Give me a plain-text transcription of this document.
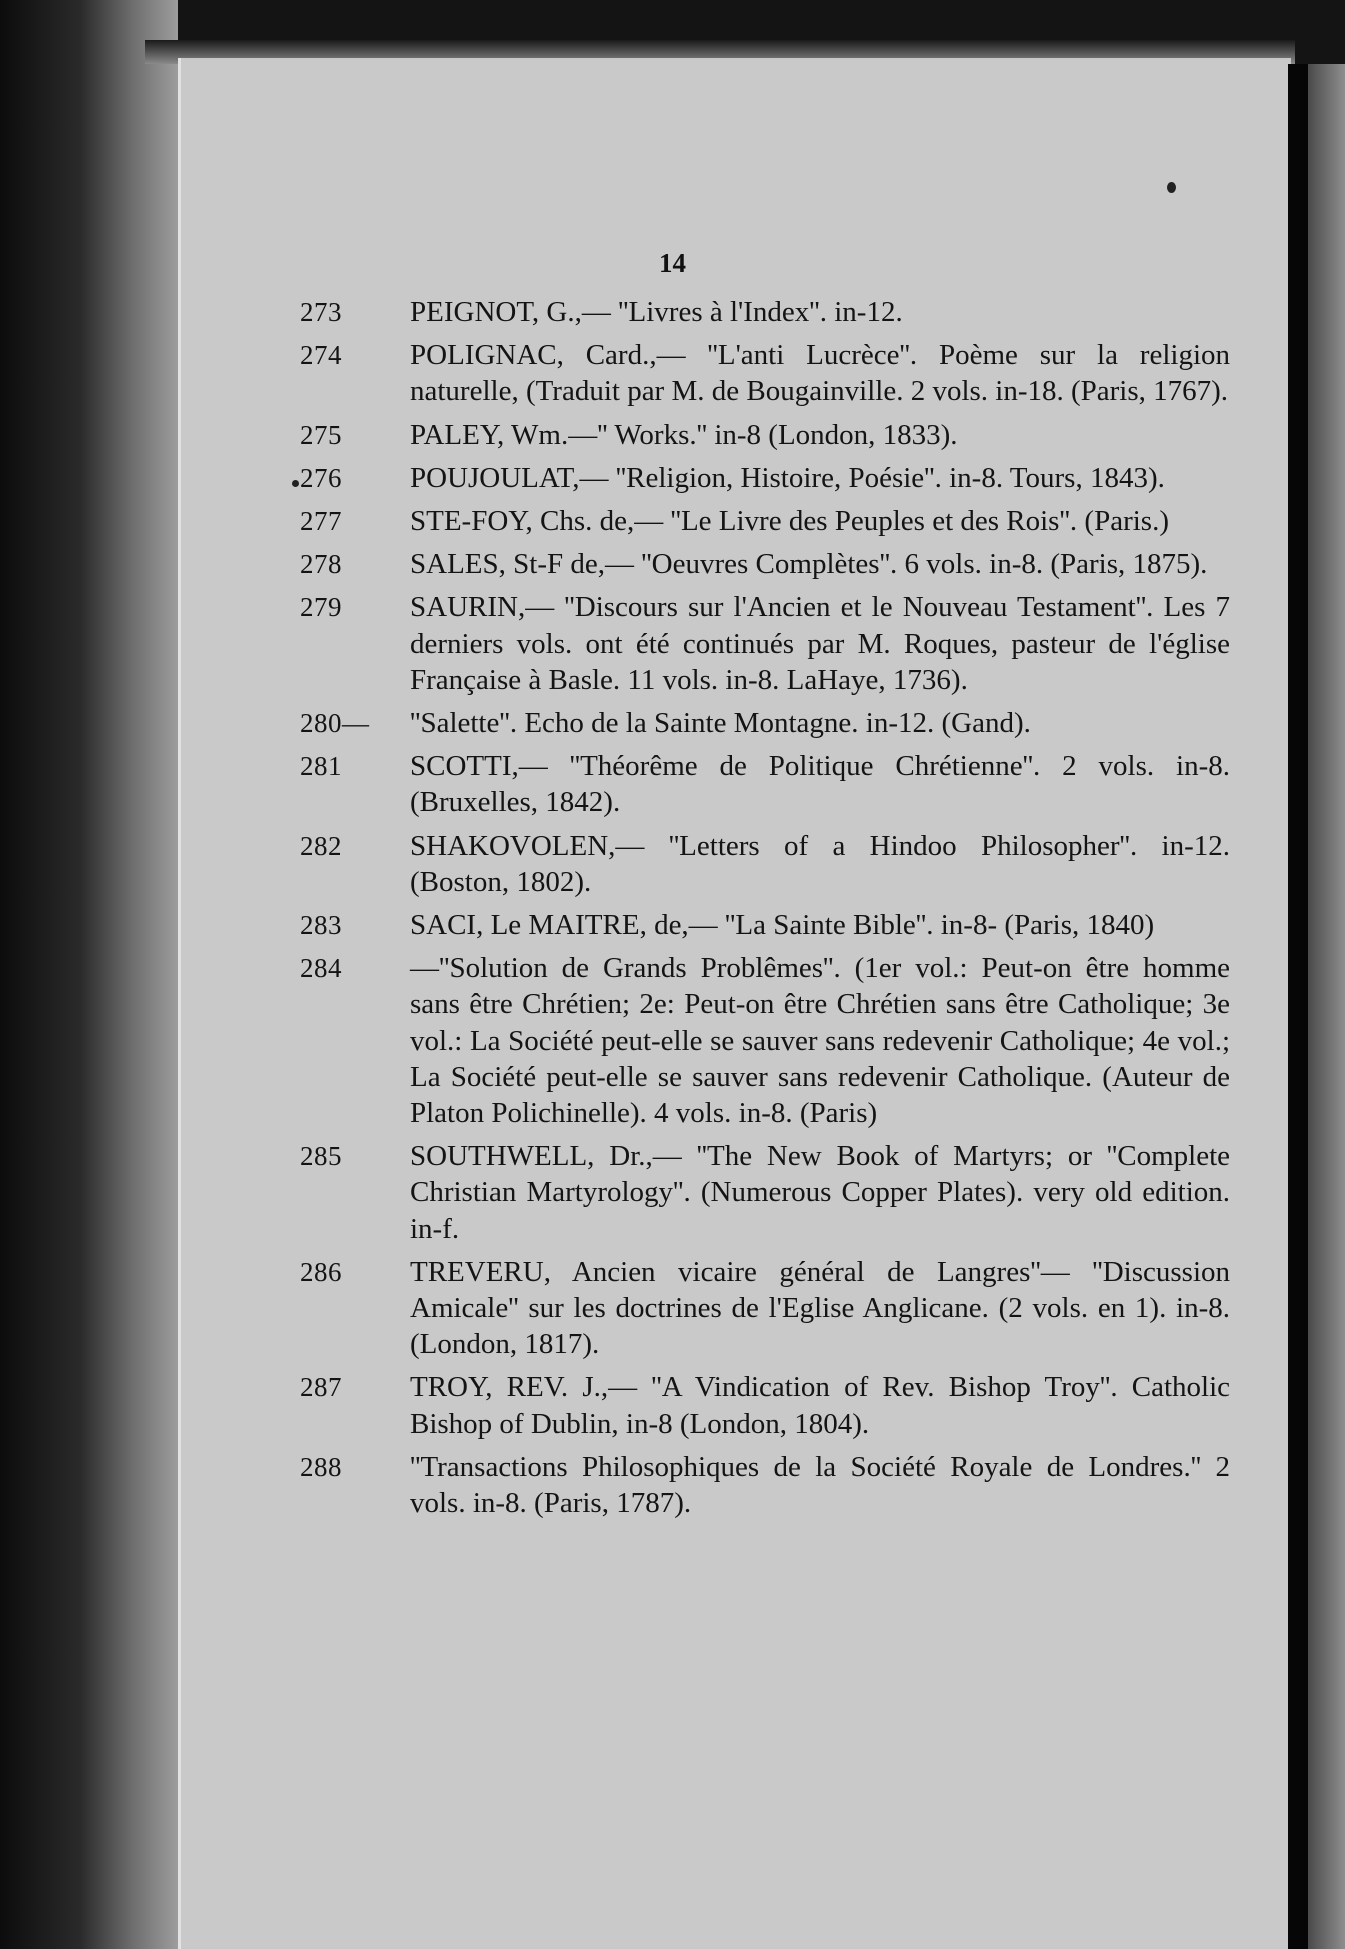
14
273	PEIGNOT, G.,— ''Livres à l'Index''. in-12.
274	POLIGNAC, Card.,— ''L'anti Lucrèce''. Poème sur la religion naturelle, (Traduit par M. de Bougainville. 2 vols. in-18. (Paris, 1767).
275	PALEY, Wm.—'' Works.'' in-8 (London, 1833).
276	POUJOULAT,— ''Religion, Histoire, Poésie''. in-8. Tours, 1843).
277	STE-FOY, Chs. de,— ''Le Livre des Peuples et des Rois''. (Paris.)
278	SALES, St-F de,— ''Oeuvres Complètes''. 6 vols. in-8. (Paris, 1875).
279	SAURIN,— ''Discours sur l'Ancien et le Nouveau Testament''. Les 7 derniers vols. ont été continués par M. Roques, pasteur de l'église Française à Basle. 11 vols. in-8. LaHaye, 1736).
280—	''Salette''. Echo de la Sainte Montagne. in-12. (Gand).
281	SCOTTI,— ''Théorême de Politique Chrétienne''. 2 vols. in-8. (Bruxelles, 1842).
282	SHAKOVOLEN,— ''Letters of a Hindoo Philosopher''. in-12. (Boston, 1802).
283	SACI, Le MAITRE, de,— ''La Sainte Bible''. in-8- (Paris, 1840)
284	—''Solution de Grands Problêmes''. (1er vol.: Peut-on être homme sans être Chrétien; 2e: Peut-on être Chrétien sans être Catholique; 3e vol.: La Société peut-elle se sauver sans redevenir Catholique; 4e vol.; La Société peut-elle se sauver sans redevenir Catholique. (Auteur de Platon Polichinelle). 4 vols. in-8. (Paris)
285	SOUTHWELL, Dr.,— ''The New Book of Martyrs; or ''Complete Christian Martyrology''. (Numerous Copper Plates). very old edition. in-f.
286	TREVERU, Ancien vicaire général de Langres''— ''Discussion Amicale'' sur les doctrines de l'Eglise Anglicane. (2 vols. en 1). in-8. (London, 1817).
287	TROY, REV. J.,— ''A Vindication of Rev. Bishop Troy''. Catholic Bishop of Dublin, in-8 (London, 1804).
288	''Transactions Philosophiques de la Société Royale de Londres.'' 2 vols. in-8. (Paris, 1787).
